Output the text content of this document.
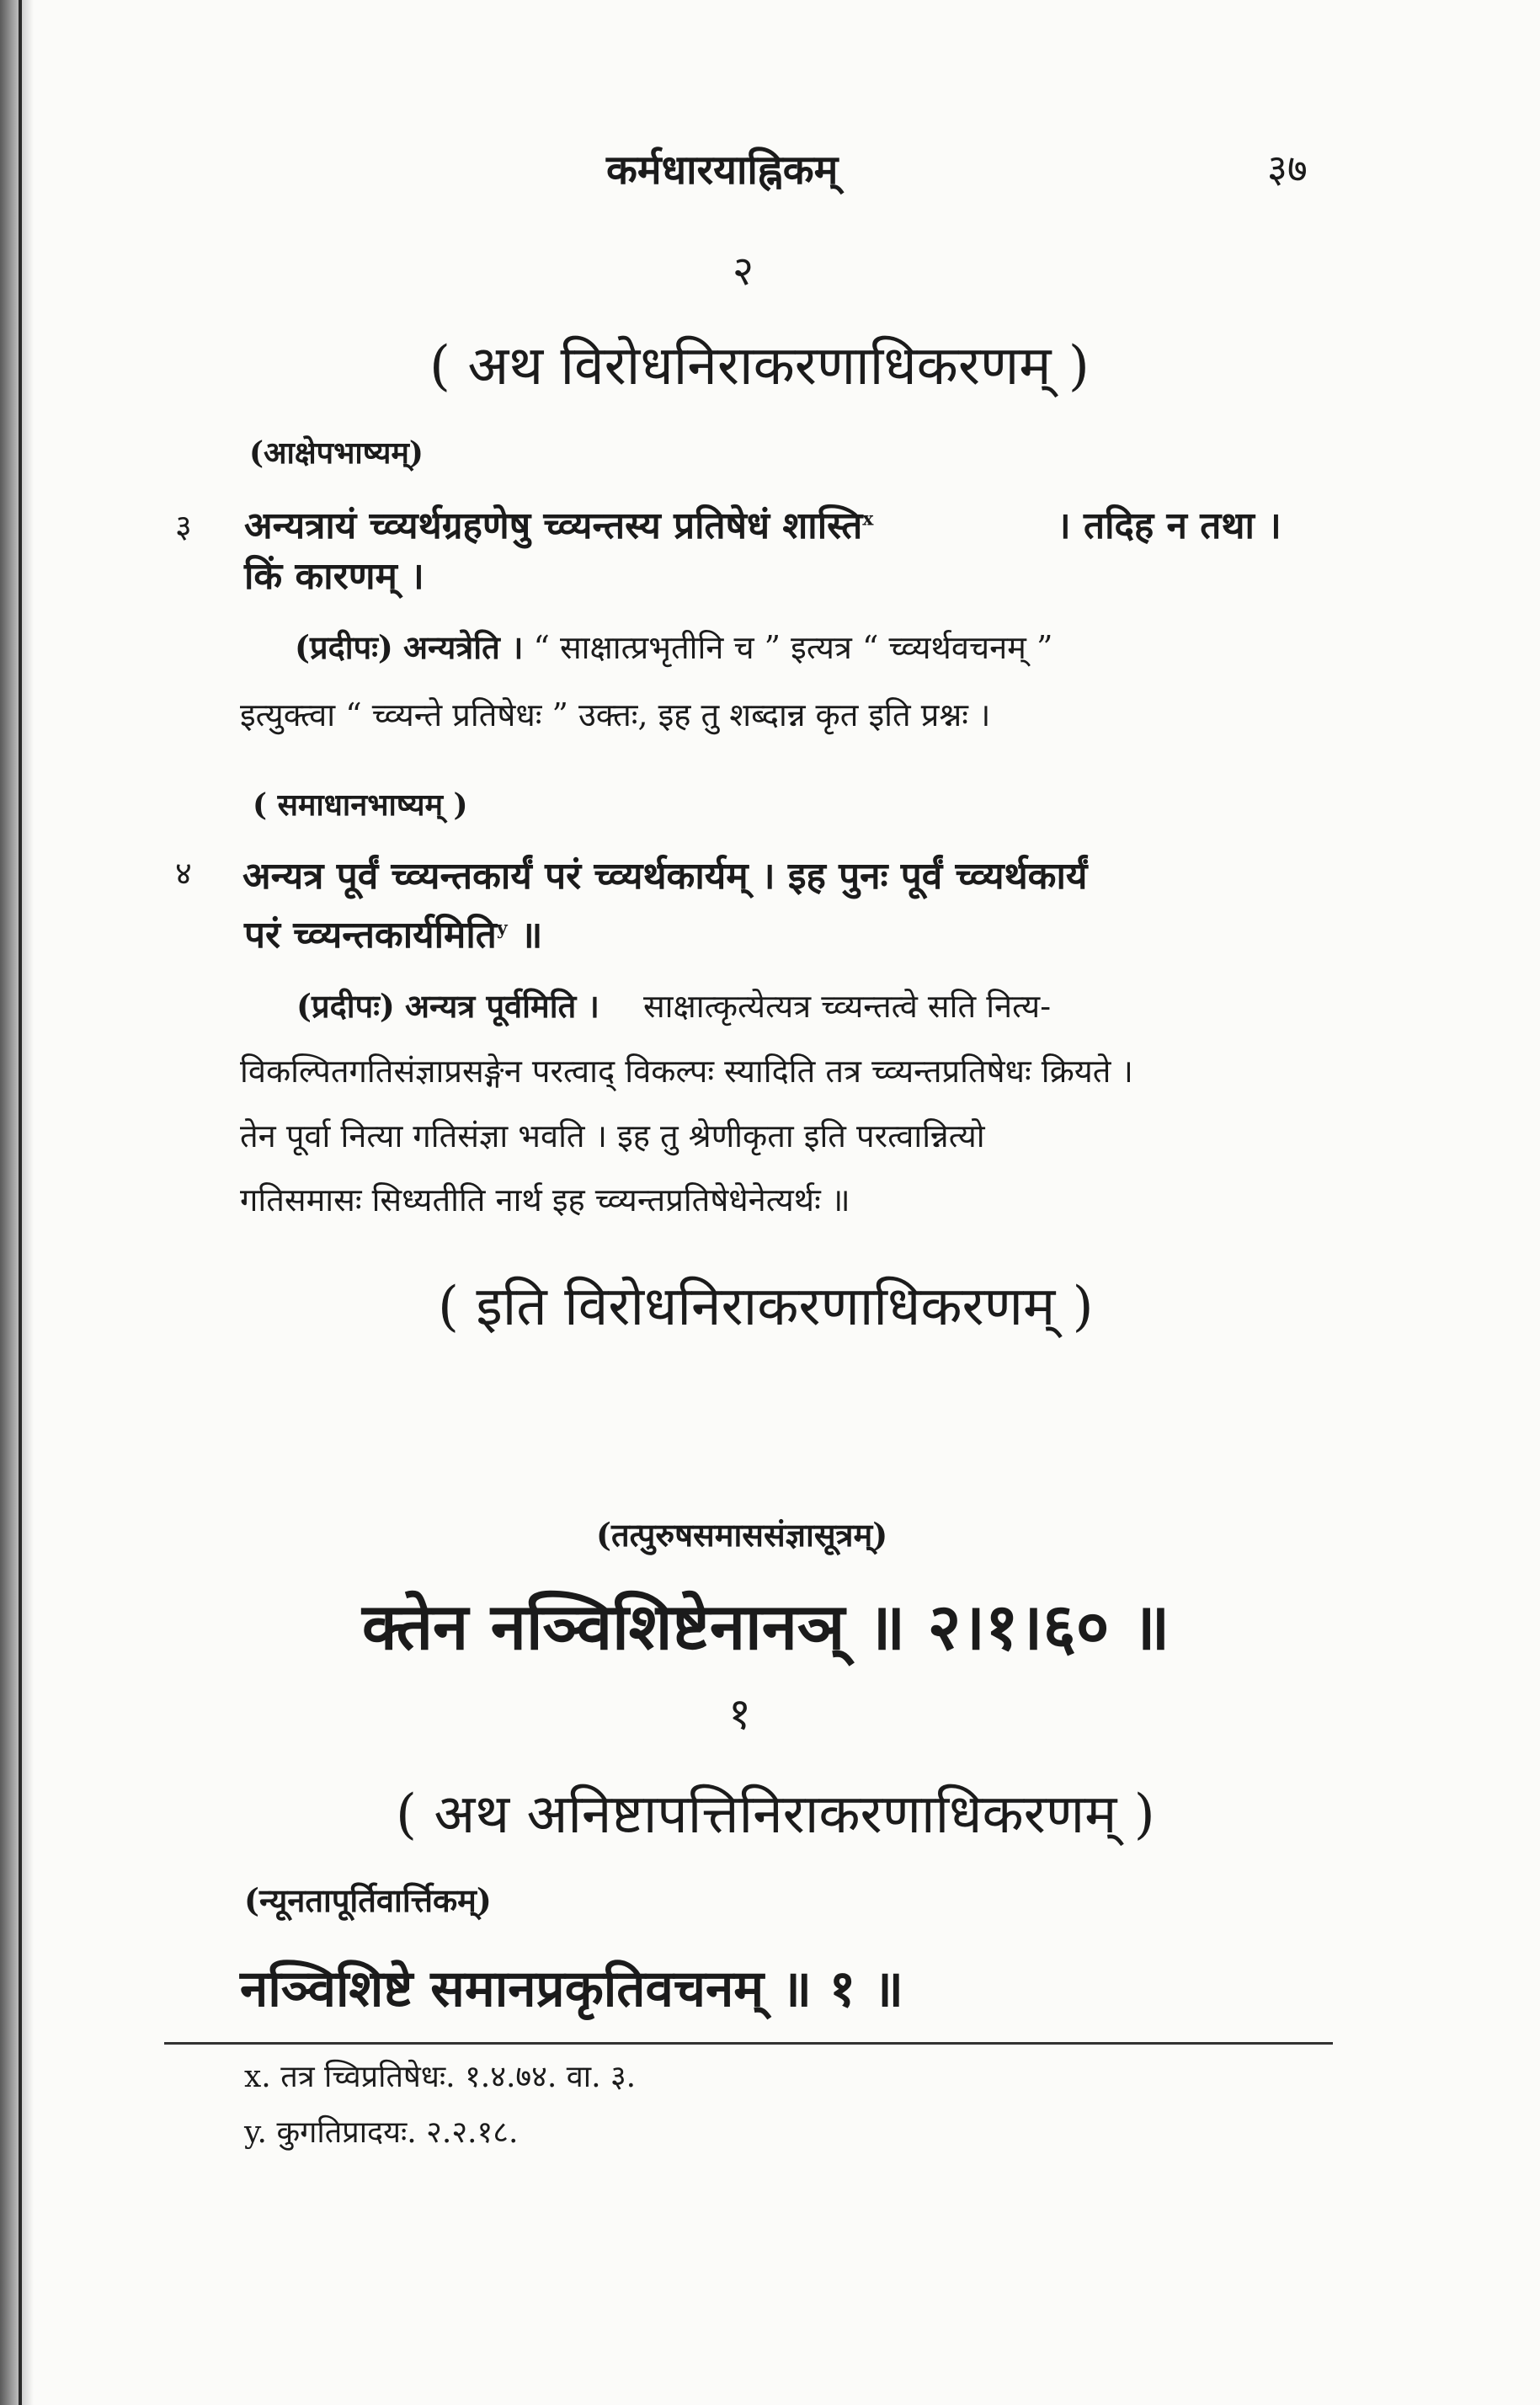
कर्मधारयाह्निकम्	३७
२
( अथ विरोधनिराकरणाधिकरणम् )
(आक्षेपभाष्यम्)
३ अन्यत्रायं च्व्यर्थग्रहणेषु च्व्यन्तस्य प्रतिषेधं शास्ति$^x$	। तदिह न तथा ।
किं कारणम् ।
(प्रदीपः) अन्यत्रेति । “ साक्षात्प्रभृतीनि च ” इत्यत्र “ च्व्यर्थवचनम् ”
इत्युक्त्वा “ च्व्यन्ते प्रतिषेधः ” उक्तः, इह तु शब्दान्न कृत इति प्रश्नः ।
( समाधानभाष्यम् )
४ अन्यत्र पूर्वं च्व्यन्तकार्यं परं च्व्यर्थकार्यम् । इह पुनः पूर्वं च्व्यर्थकार्यं
परं च्व्यन्तकार्यमिति$^y$ ॥
(प्रदीपः) अन्यत्र पूर्वमिति । साक्षात्कृत्येत्यत्र च्व्यन्तत्वे सति नित्य-
विकल्पितगतिसंज्ञाप्रसङ्गेन परत्वाद् विकल्पः स्यादिति तत्र च्व्यन्तप्रतिषेधः क्रियते ।
तेन पूर्वा नित्या गतिसंज्ञा भवति । इह तु श्रेणीकृता इति परत्वान्नित्यो
गतिसमासः सिध्यतीति नार्थ इह च्व्यन्तप्रतिषेधेनेत्यर्थः ॥
( इति विरोधनिराकरणाधिकरणम् )
(तत्पुरुषसमाससंज्ञासूत्रम्)
क्तेन नञ्विशिष्टेनानञ् ॥ २।१।६० ॥
१
( अथ अनिष्टापत्तिनिराकरणाधिकरणम् )
(न्यूनतापूर्तिवार्त्तिकम्)
नञ्विशिष्टे समानप्रकृतिवचनम् ॥ १ ॥
x. तत्र च्विप्रतिषेधः. १.४.७४. वा. ३.
y. कुगतिप्रादयः. २.२.१८.
